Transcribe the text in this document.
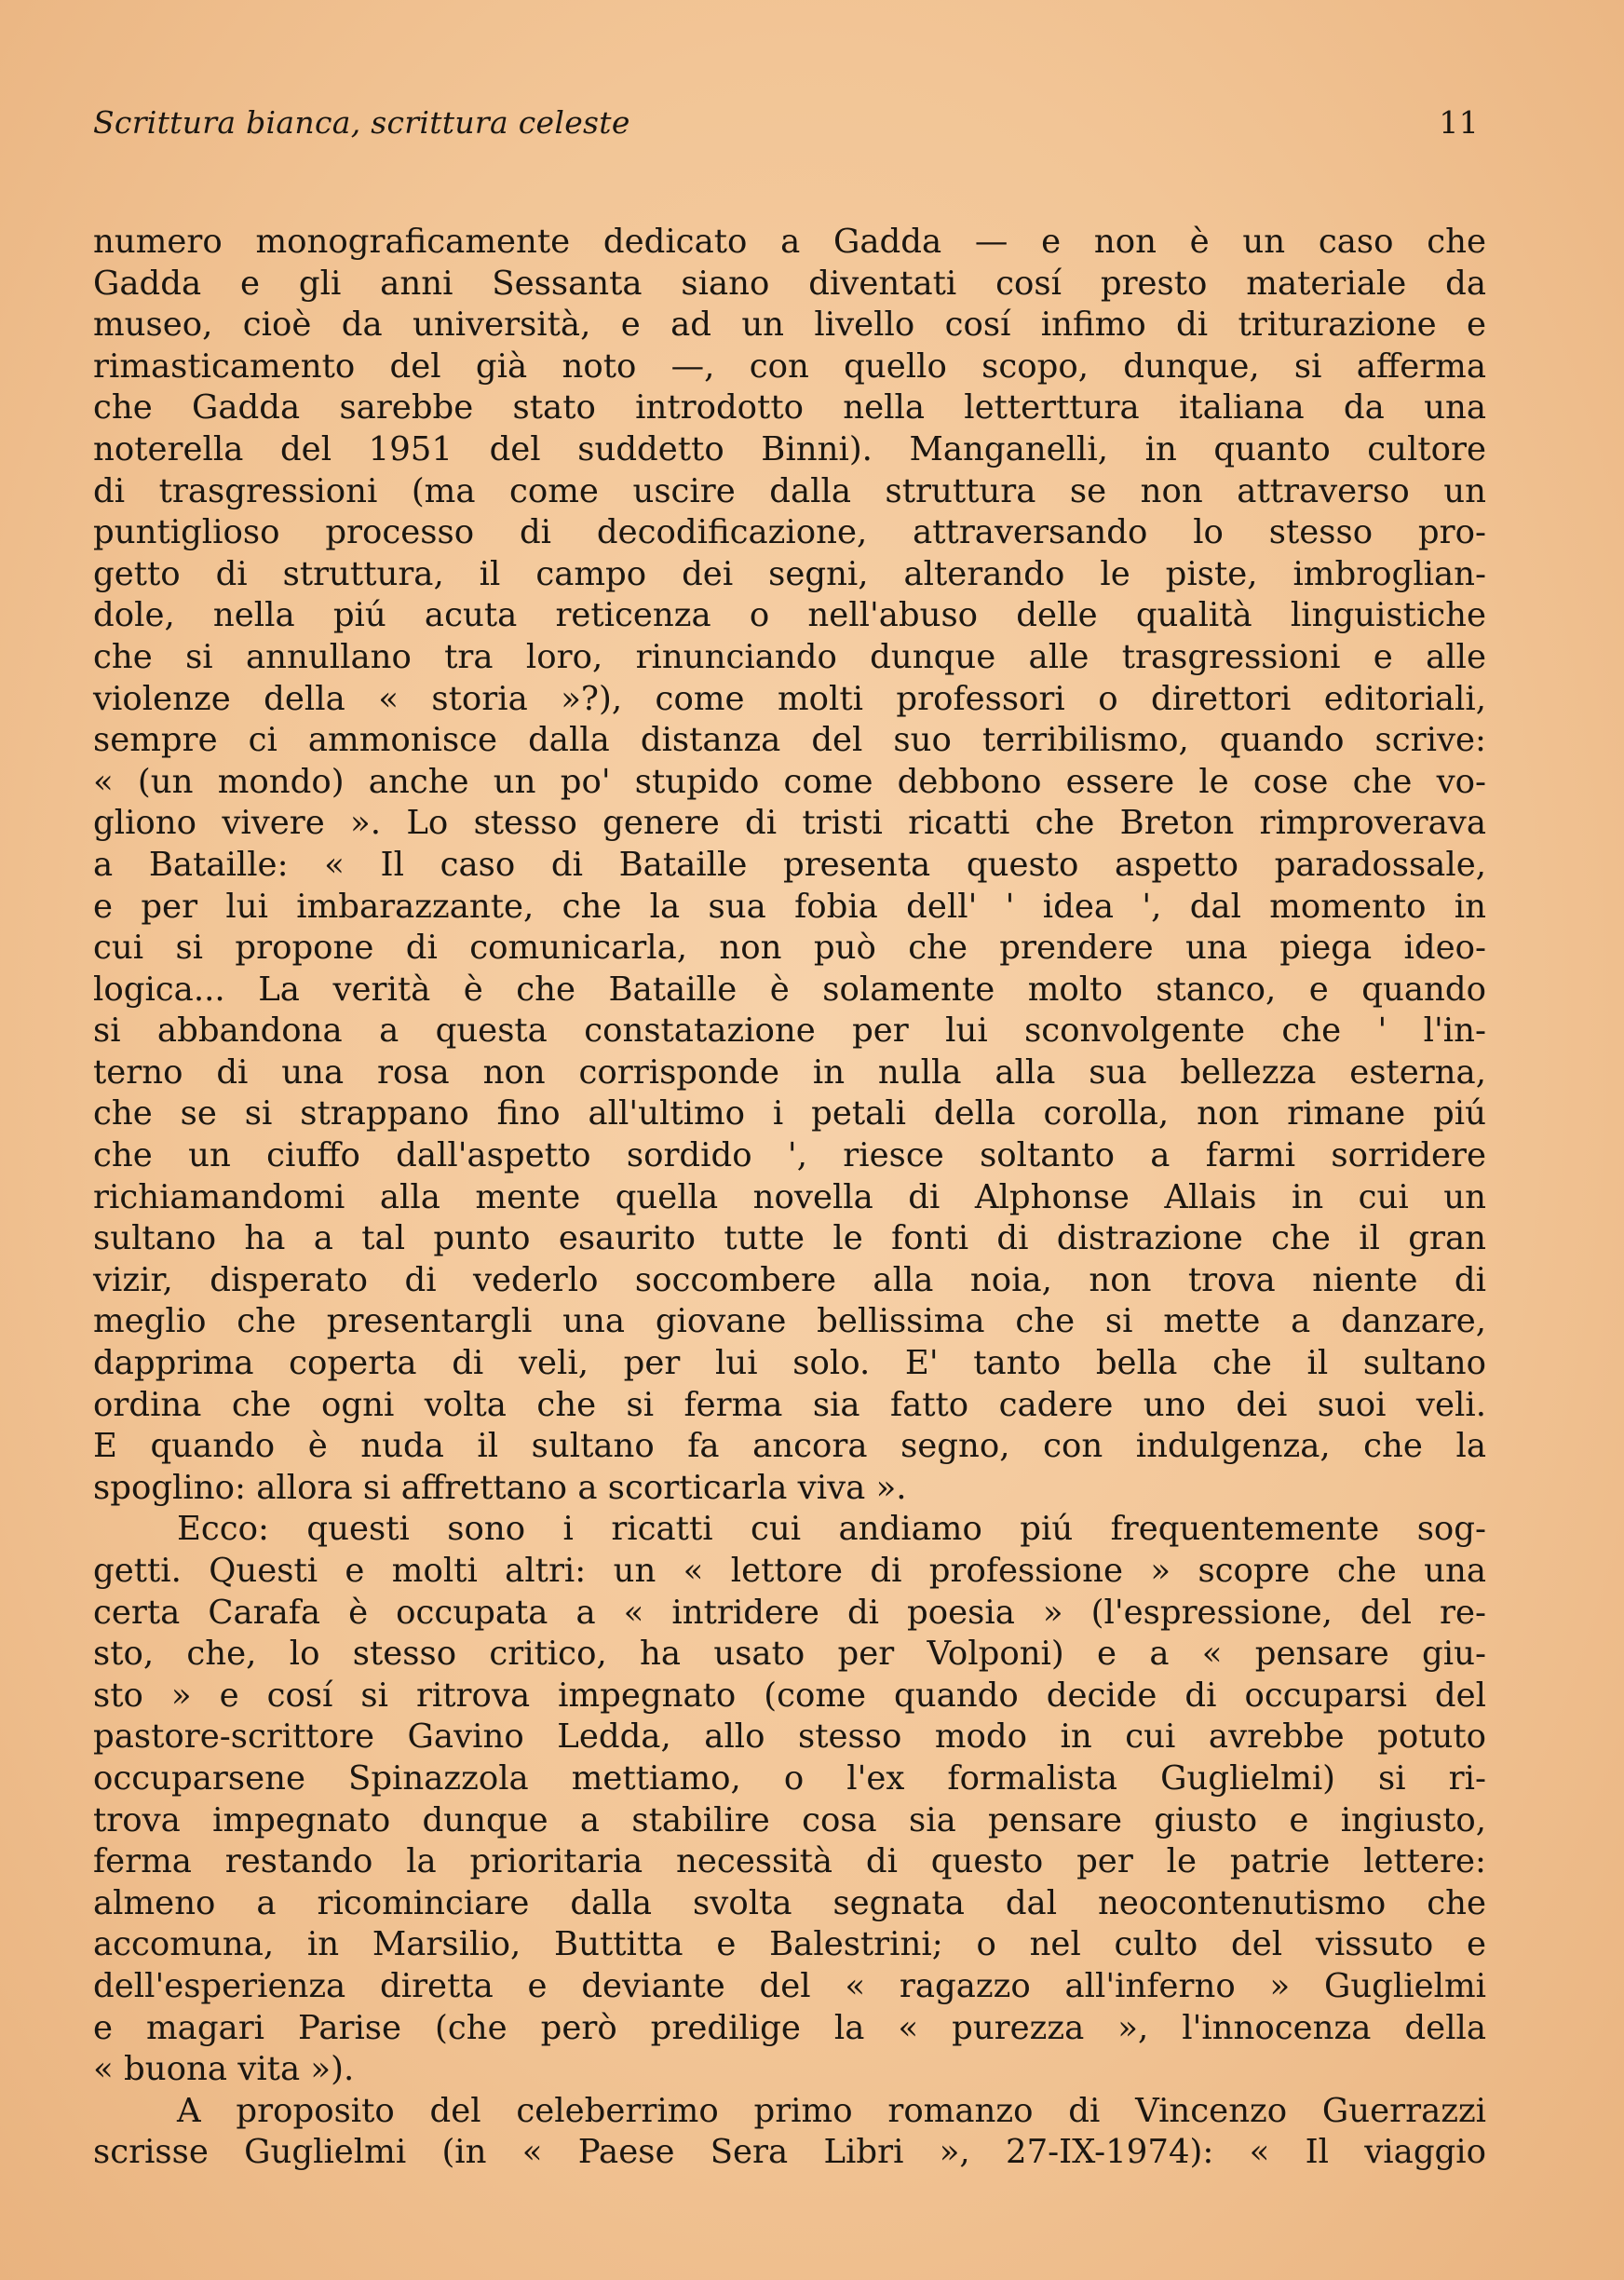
Scrittura bianca, scrittura celeste	11
numero monograficamente dedicato a Gadda — e non è un caso che
Gadda e gli anni Sessanta siano diventati cosí presto materiale da
museo, cioè da università, e ad un livello cosí infimo di triturazione e
rimasticamento del già noto —, con quello scopo, dunque, si afferma
che Gadda sarebbe stato introdotto nella letterttura italiana da una
noterella del 1951 del suddetto Binni). Manganelli, in quanto cultore
di trasgressioni (ma come uscire dalla struttura se non attraverso un
puntiglioso processo di decodificazione, attraversando lo stesso pro-
getto di struttura, il campo dei segni, alterando le piste, imbroglian-
dole, nella piú acuta reticenza o nell'abuso delle qualità linguistiche
che si annullano tra loro, rinunciando dunque alle trasgressioni e alle
violenze della « storia »?), come molti professori o direttori editoriali,
sempre ci ammonisce dalla distanza del suo terribilismo, quando scrive:
« (un mondo) anche un po' stupido come debbono essere le cose che vo-
gliono vivere ». Lo stesso genere di tristi ricatti che Breton rimproverava
a Bataille: « Il caso di Bataille presenta questo aspetto paradossale,
e per lui imbarazzante, che la sua fobia dell' ' idea ', dal momento in
cui si propone di comunicarla, non può che prendere una piega ideo-
logica... La verità è che Bataille è solamente molto stanco, e quando
si abbandona a questa constatazione per lui sconvolgente che ' l'in-
terno di una rosa non corrisponde in nulla alla sua bellezza esterna,
che se si strappano fino all'ultimo i petali della corolla, non rimane piú
che un ciuffo dall'aspetto sordido ', riesce soltanto a farmi sorridere
richiamandomi alla mente quella novella di Alphonse Allais in cui un
sultano ha a tal punto esaurito tutte le fonti di distrazione che il gran
vizir, disperato di vederlo soccombere alla noia, non trova niente di
meglio che presentargli una giovane bellissima che si mette a danzare,
dapprima coperta di veli, per lui solo. E' tanto bella che il sultano
ordina che ogni volta che si ferma sia fatto cadere uno dei suoi veli.
E quando è nuda il sultano fa ancora segno, con indulgenza, che la
spoglino: allora si affrettano a scorticarla viva ».
Ecco: questi sono i ricatti cui andiamo piú frequentemente sog-
getti. Questi e molti altri: un « lettore di professione » scopre che una
certa Carafa è occupata a « intridere di poesia » (l'espressione, del re-
sto, che, lo stesso critico, ha usato per Volponi) e a « pensare giu-
sto » e cosí si ritrova impegnato (come quando decide di occuparsi del
pastore-scrittore Gavino Ledda, allo stesso modo in cui avrebbe potuto
occuparsene Spinazzola mettiamo, o l'ex formalista Guglielmi) si ri-
trova impegnato dunque a stabilire cosa sia pensare giusto e ingiusto,
ferma restando la prioritaria necessità di questo per le patrie lettere:
almeno a ricominciare dalla svolta segnata dal neocontenutismo che
accomuna, in Marsilio, Buttitta e Balestrini; o nel culto del vissuto e
dell'esperienza diretta e deviante del « ragazzo all'inferno » Guglielmi
e magari Parise (che però predilige la « purezza », l'innocenza della
« buona vita »).
A proposito del celeberrimo primo romanzo di Vincenzo Guerrazzi
scrisse Guglielmi (in « Paese Sera Libri », 27-IX-1974): « Il viaggio
